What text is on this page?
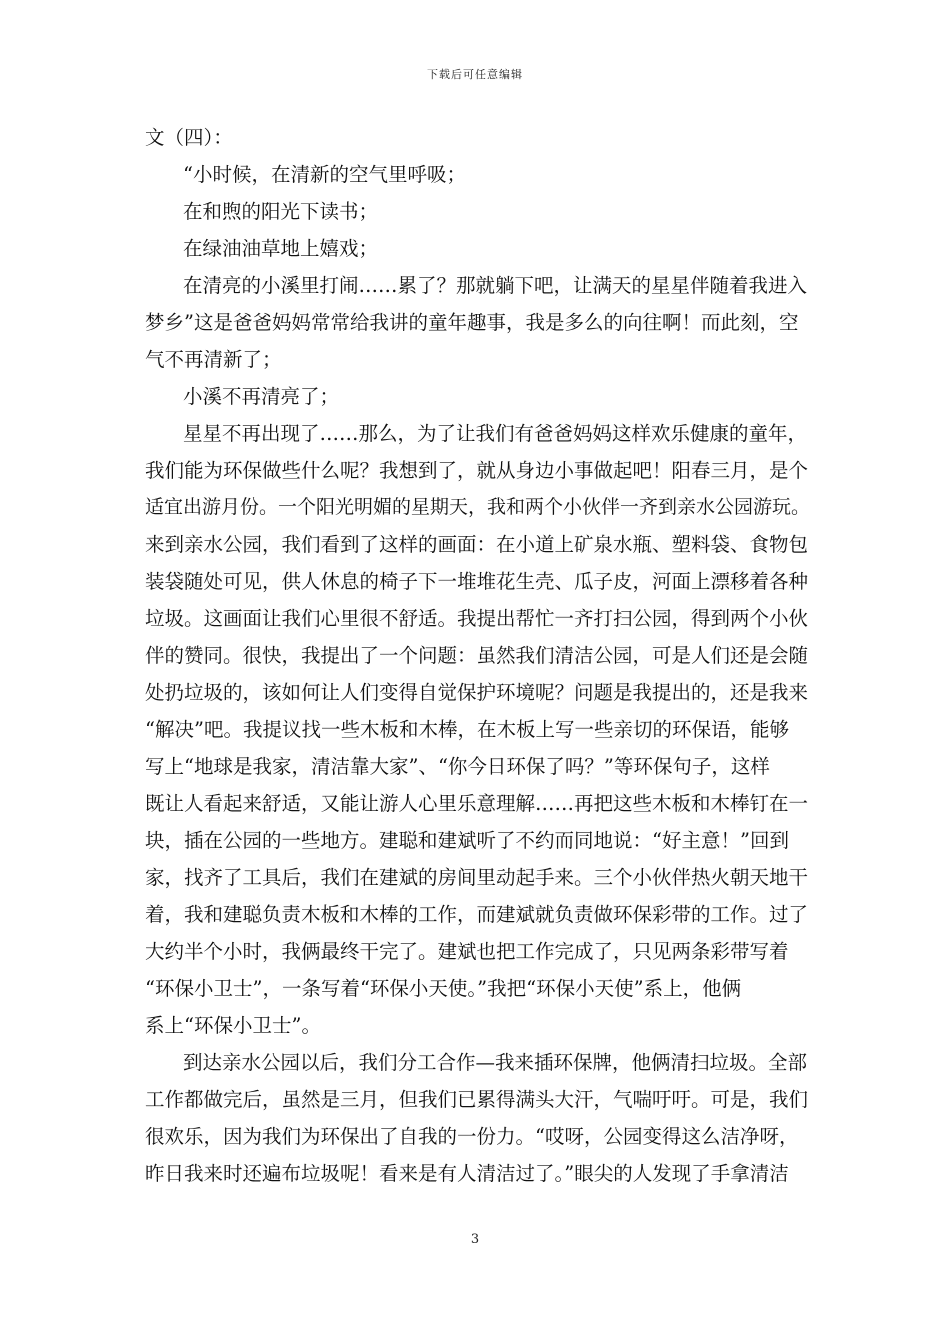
下载后可任意编辑
文（四）：
“小时候，在清新的空气里呼吸；
在和煦的阳光下读书；
在绿油油草地上嬉戏；
在清亮的小溪里打闹……累了？那就躺下吧，让满天的星星伴随着我进入
梦乡”这是爸爸妈妈常常给我讲的童年趣事，我是多么的向往啊！而此刻，空
气不再清新了；
小溪不再清亮了；
星星不再出现了……那么，为了让我们有爸爸妈妈这样欢乐健康的童年，
我们能为环保做些什么呢？我想到了，就从身边小事做起吧！阳春三月，是个
适宜出游月份。一个阳光明媚的星期天，我和两个小伙伴一齐到亲水公园游玩。
来到亲水公园，我们看到了这样的画面：在小道上矿泉水瓶、塑料袋、食物包
装袋随处可见，供人休息的椅子下一堆堆花生壳、瓜子皮，河面上漂移着各种
垃圾。这画面让我们心里很不舒适。我提出帮忙一齐打扫公园，得到两个小伙
伴的赞同。很快，我提出了一个问题：虽然我们清洁公园，可是人们还是会随
处扔垃圾的，该如何让人们变得自觉保护环境呢？问题是我提出的，还是我来
“解决”吧。我提议找一些木板和木棒，在木板上写一些亲切的环保语，能够
写上“地球是我家，清洁靠大家”、“你今日环保了吗？”等环保句子，这样
既让人看起来舒适，又能让游人心里乐意理解……再把这些木板和木棒钉在一
块，插在公园的一些地方。建聪和建斌听了不约而同地说：“好主意！”回到
家，找齐了工具后，我们在建斌的房间里动起手来。三个小伙伴热火朝天地干
着，我和建聪负责木板和木棒的工作，而建斌就负责做环保彩带的工作。过了
大约半个小时，我俩最终干完了。建斌也把工作完成了，只见两条彩带写着
“环保小卫士”，一条写着“环保小天使。”我把“环保小天使”系上，他俩
系上“环保小卫士”。
到达亲水公园以后，我们分工合作—我来插环保牌，他俩清扫垃圾。全部
工作都做完后，虽然是三月，但我们已累得满头大汗，气喘吁吁。可是，我们
很欢乐，因为我们为环保出了自我的一份力。“哎呀，公园变得这么洁净呀，
昨日我来时还遍布垃圾呢！看来是有人清洁过了。”眼尖的人发现了手拿清洁
3
